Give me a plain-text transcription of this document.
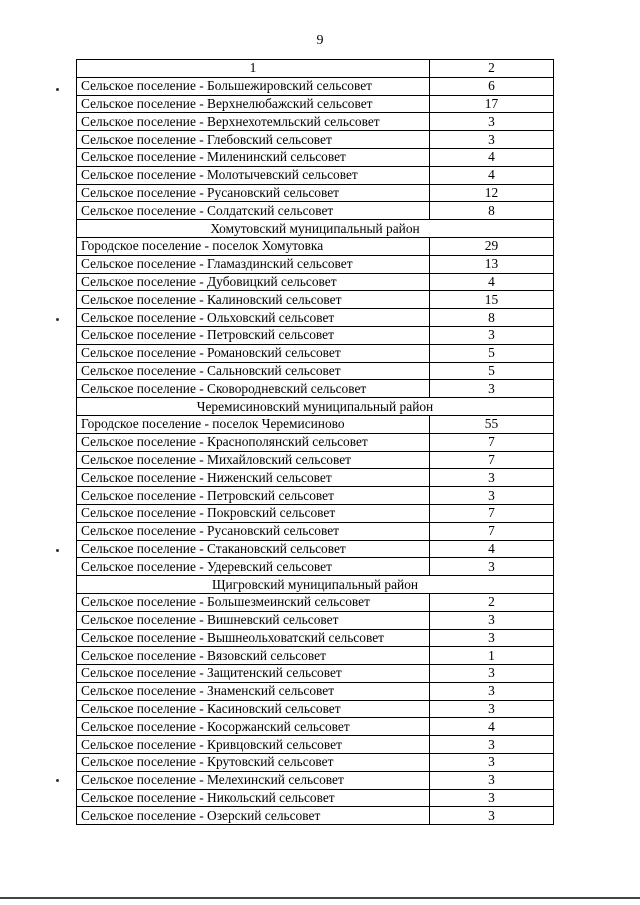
9
1	2
Сельское поселение - Большежировский сельсовет	6
Сельское поселение - Верхнелюбажский сельсовет	17
Сельское поселение - Верхнехотемльский сельсовет	3
Сельское поселение - Глебовский сельсовет	3
Сельское поселение - Миленинский сельсовет	4
Сельское поселение - Молотычевский сельсовет	4
Сельское поселение - Русановский сельсовет	12
Сельское поселение - Солдатский сельсовет	8
Хомутовский муниципальный район	
Городское поселение - поселок Хомутовка	29
Сельское поселение - Гламаздинский сельсовет	13
Сельское поселение - Дубовицкий сельсовет	4
Сельское поселение - Калиновский сельсовет	15
Сельское поселение - Ольховский сельсовет	8
Сельское поселение - Петровский сельсовет	3
Сельское поселение - Романовский сельсовет	5
Сельское поселение - Сальновский сельсовет	5
Сельское поселение - Сковородневский сельсовет	3
Черемисиновский муниципальный район	
Городское поселение - поселок Черемисиново	55
Сельское поселение - Краснополянский сельсовет	7
Сельское поселение - Михайловский сельсовет	7
Сельское поселение - Ниженский сельсовет	3
Сельское поселение - Петровский сельсовет	3
Сельское поселение - Покровский сельсовет	7
Сельское поселение - Русановский сельсовет	7
Сельское поселение - Стакановский сельсовет	4
Сельское поселение - Удеревский сельсовет	3
Щигровский муниципальный район	
Сельское поселение - Большезмеинский сельсовет	2
Сельское поселение - Вишневский сельсовет	3
Сельское поселение - Вышнеольховатский сельсовет	3
Сельское поселение - Вязовский сельсовет	1
Сельское поселение - Защитенский сельсовет	3
Сельское поселение - Знаменский сельсовет	3
Сельское поселение - Касиновский сельсовет	3
Сельское поселение - Косоржанский сельсовет	4
Сельское поселение - Кривцовский сельсовет	3
Сельское поселение - Крутовский сельсовет	3
Сельское поселение - Мелехинский сельсовет	3
Сельское поселение - Никольский сельсовет	3
Сельское поселение - Озерский сельсовет	3
